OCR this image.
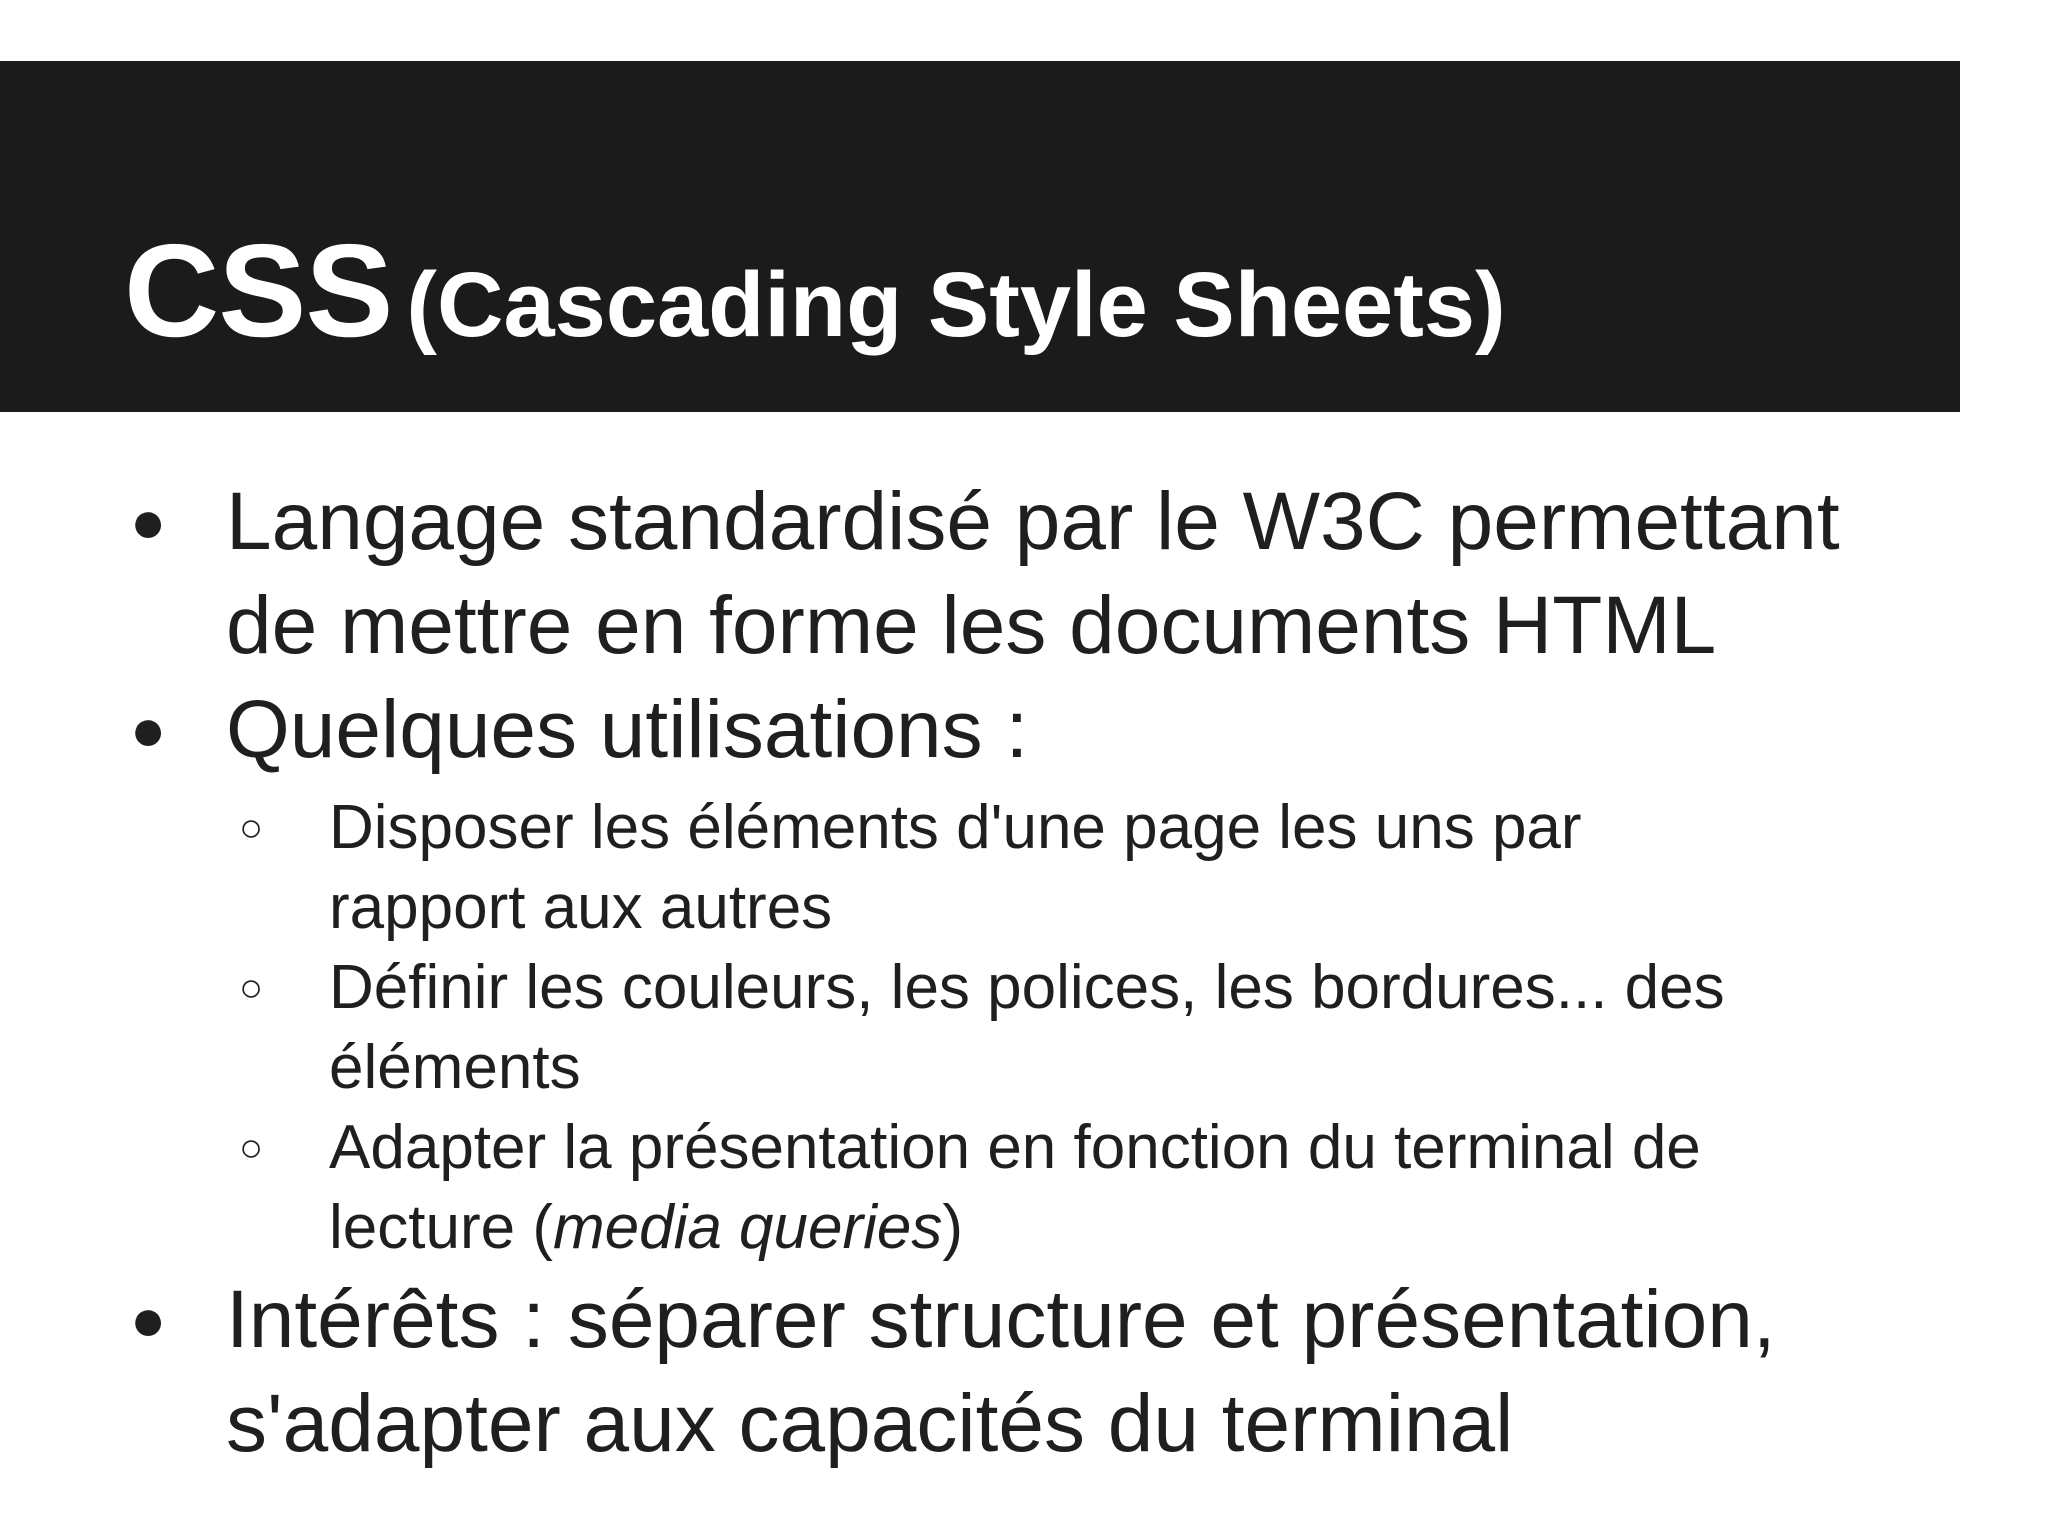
CSS (Cascading Style Sheets)
● Langage standardisé par le W3C permettant
de mettre en forme les documents HTML
● Quelques utilisations :
○ Disposer les éléments d'une page les uns par
rapport aux autres
○ Définir les couleurs, les polices, les bordures... des
éléments
○ Adapter la présentation en fonction du terminal de
lecture (media queries)
● Intérêts : séparer structure et présentation,
s'adapter aux capacités du terminal
